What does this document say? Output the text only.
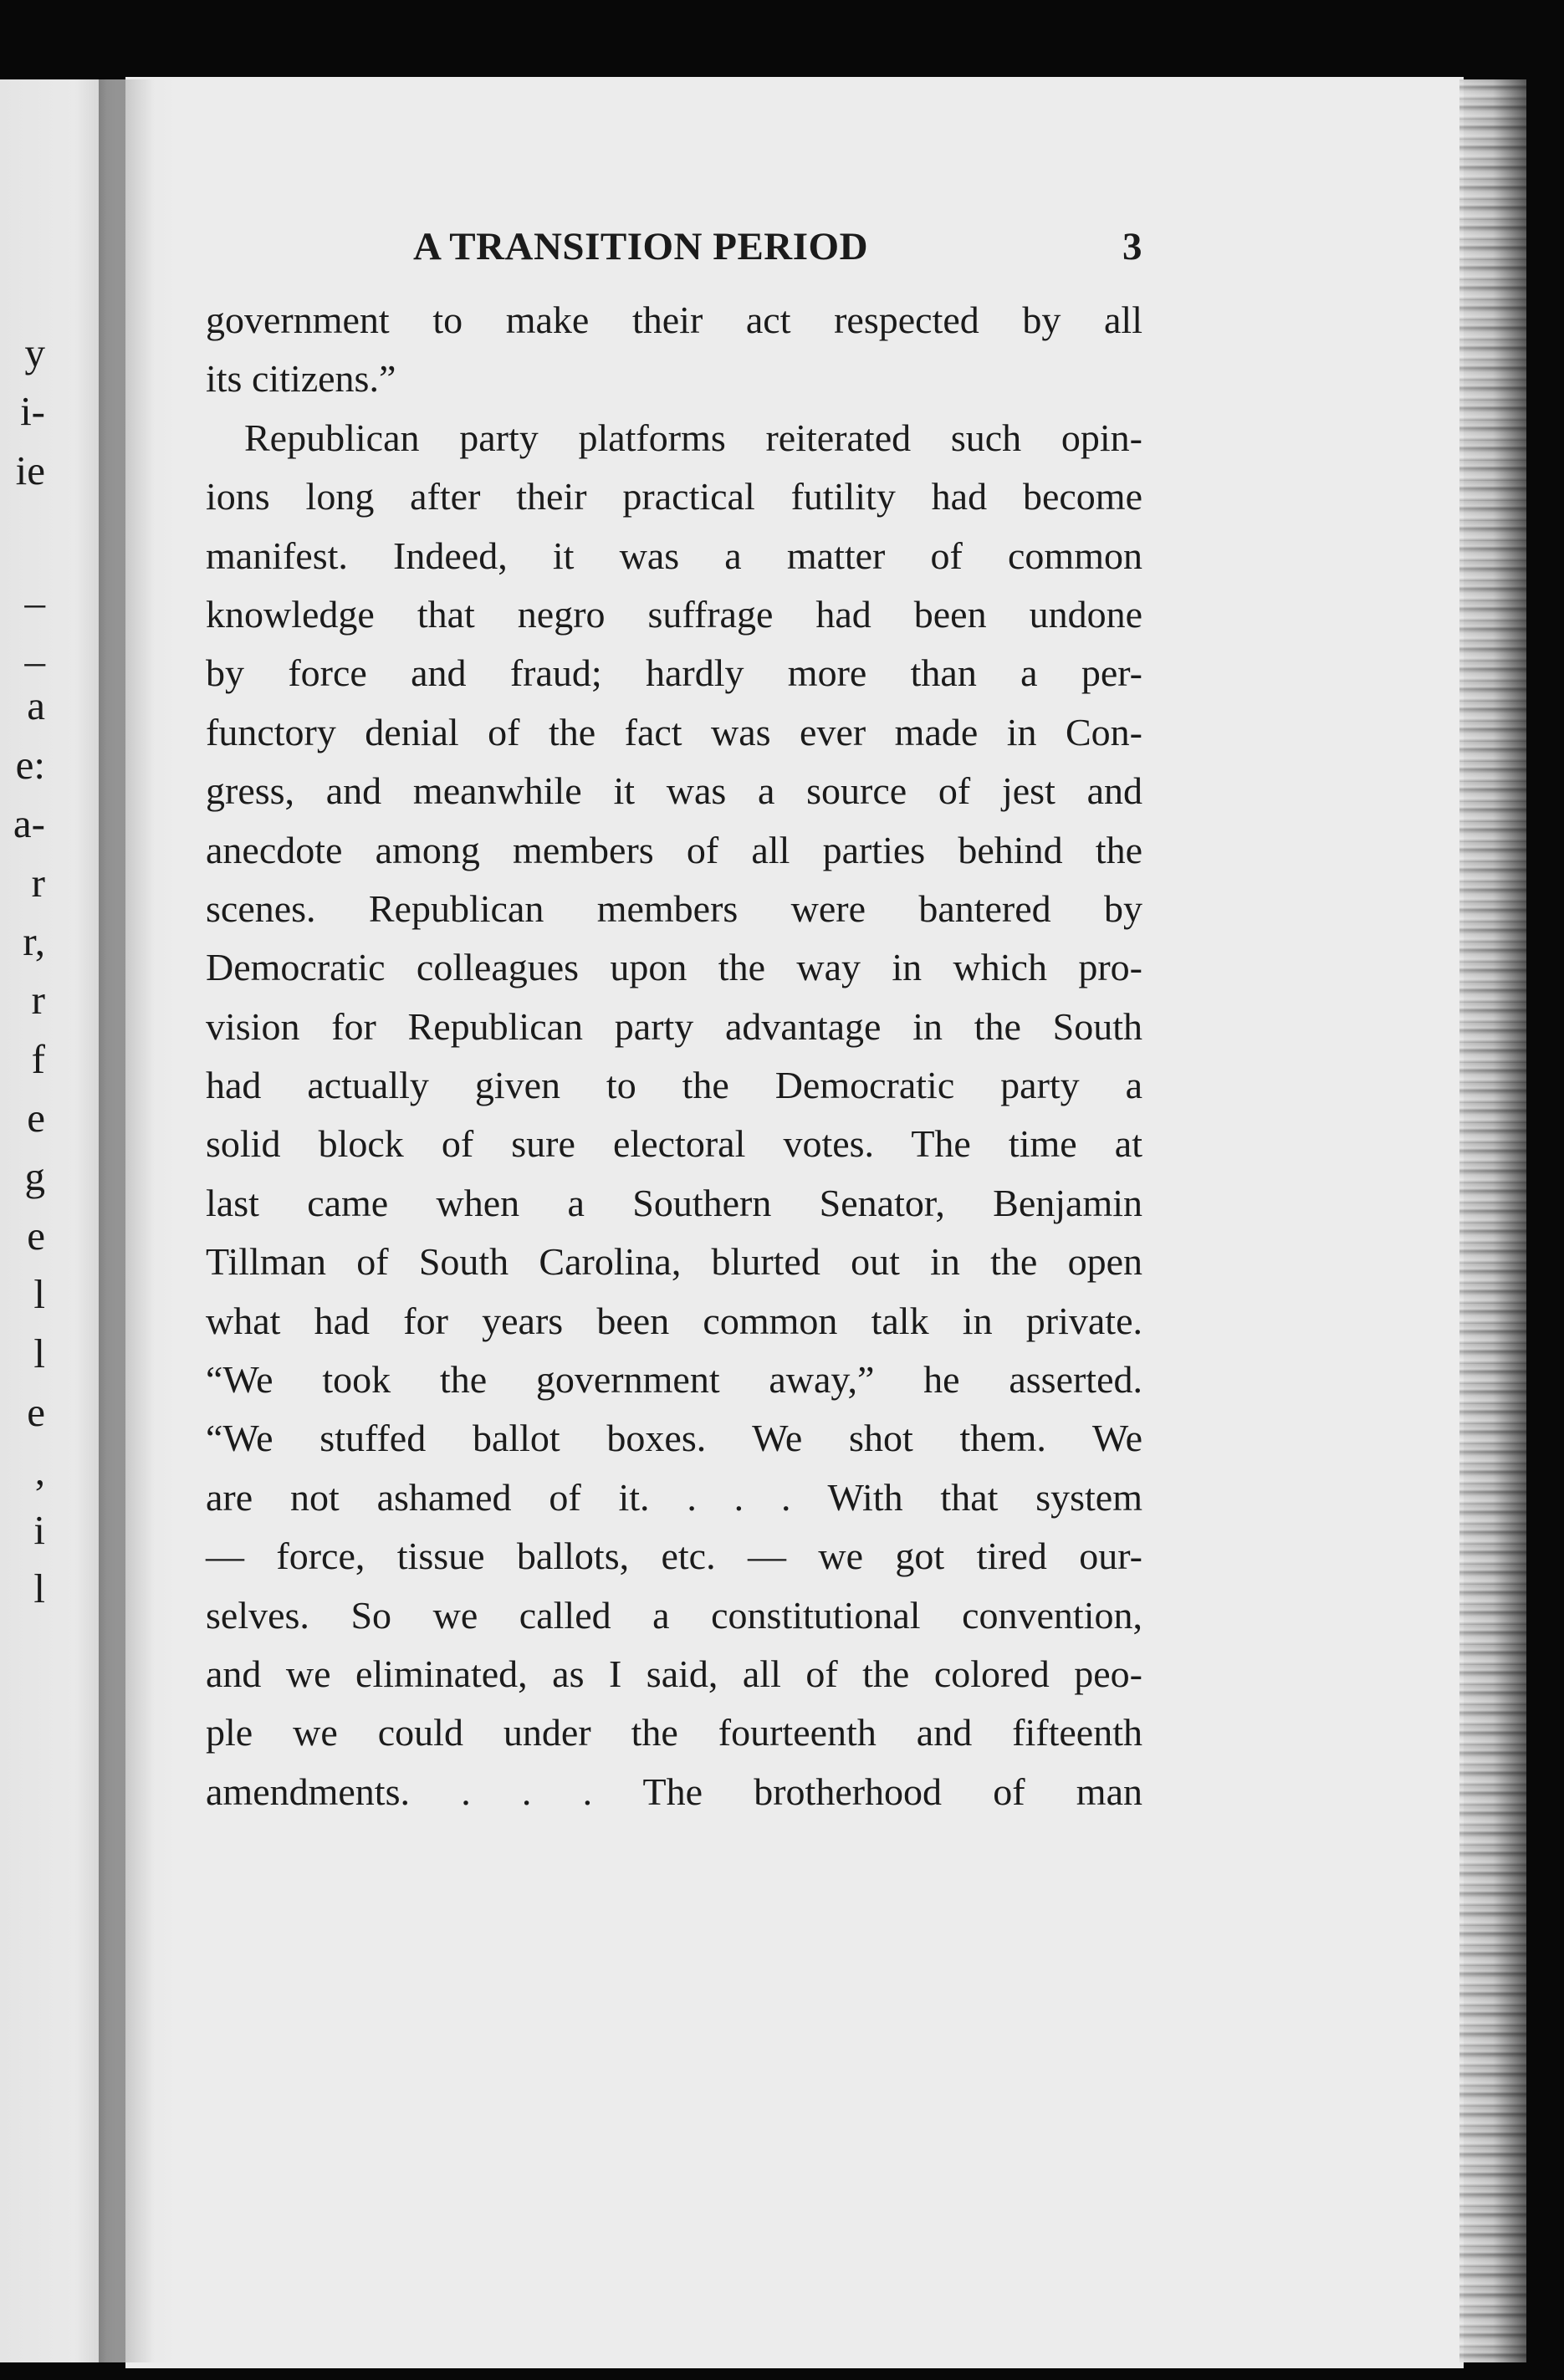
y
i-
ie
_
_
a
e:
a-
r
r,
r
f
e
g
e
l
l
e
,
i
l
A TRANSITION PERIOD	3
government to make their act respected by all
its citizens.”
Republican party platforms reiterated such opin-
ions long after their practical futility had become
manifest. Indeed, it was a matter of common
knowledge that negro suffrage had been undone
by force and fraud; hardly more than a per-
functory denial of the fact was ever made in Con-
gress, and meanwhile it was a source of jest and
anecdote among members of all parties behind the
scenes. Republican members were bantered by
Democratic colleagues upon the way in which pro-
vision for Republican party advantage in the South
had actually given to the Democratic party a
solid block of sure electoral votes. The time at
last came when a Southern Senator, Benjamin
Tillman of South Carolina, blurted out in the open
what had for years been common talk in private.
“We took the government away,” he asserted.
“We stuffed ballot boxes. We shot them. We
are not ashamed of it. . . . With that system
— force, tissue ballots, etc. — we got tired our-
selves. So we called a constitutional convention,
and we eliminated, as I said, all of the colored peo-
ple we could under the fourteenth and fifteenth
amendments. . . . The brotherhood of man
